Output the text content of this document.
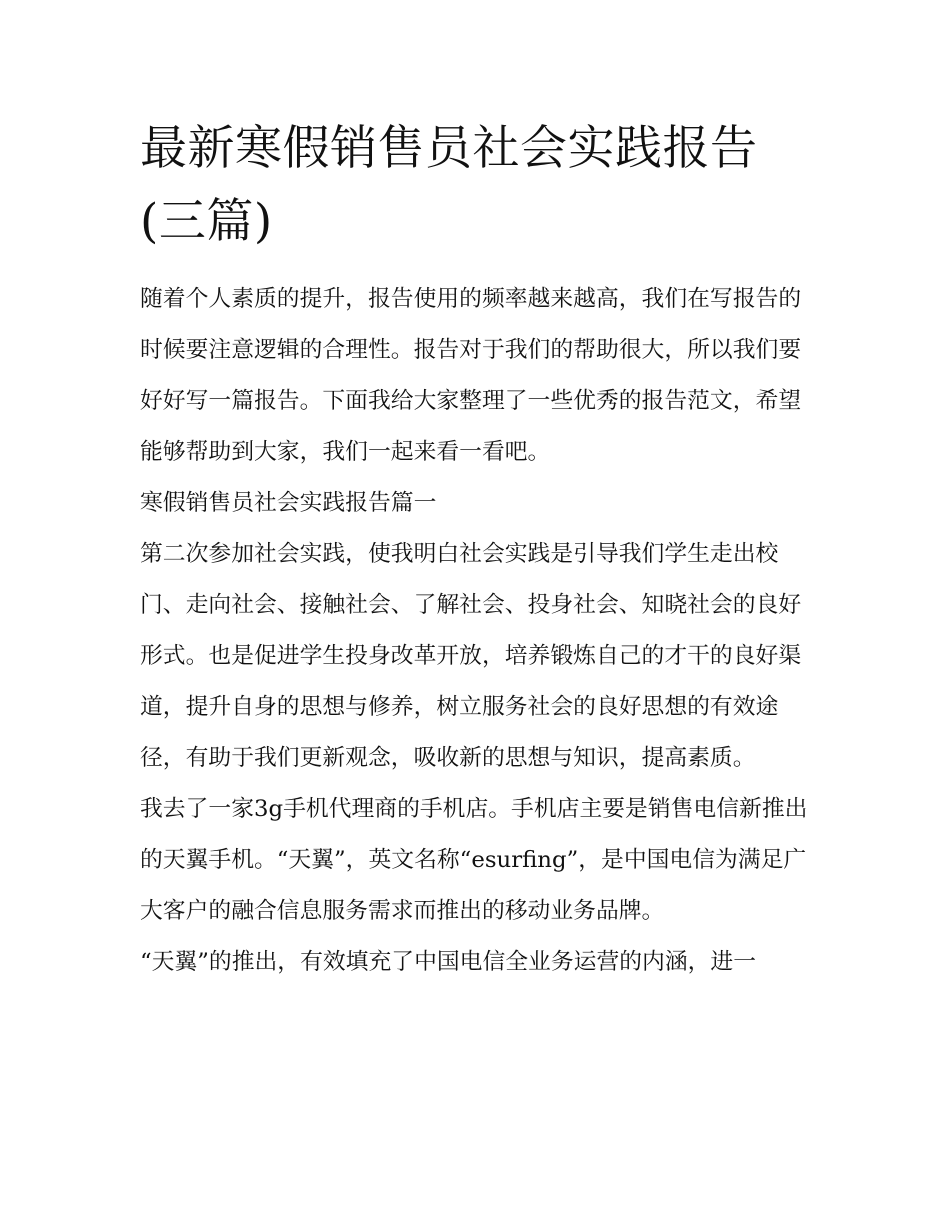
最新寒假销售员社会实践报告(三篇)

随着个人素质的提升，报告使用的频率越来越高，我们在写报告的时候要注意逻辑的合理性。报告对于我们的帮助很大，所以我们要好好写一篇报告。下面我给大家整理了一些优秀的报告范文，希望能够帮助到大家，我们一起来看一看吧。

寒假销售员社会实践报告篇一

第二次参加社会实践，使我明白社会实践是引导我们学生走出校门、走向社会、接触社会、了解社会、投身社会、知晓社会的良好形式。也是促进学生投身改革开放，培养锻炼自己的才干的良好渠道，提升自身的思想与修养，树立服务社会的良好思想的有效途径，有助于我们更新观念，吸收新的思想与知识，提高素质。

我去了一家3g手机代理商的手机店。手机店主要是销售电信新推出的天翼手机。“天翼”，英文名称“esurfing”，是中国电信为满足广大客户的融合信息服务需求而推出的移动业务品牌。

“天翼”的推出，有效填充了中国电信全业务运营的内涵，进一
